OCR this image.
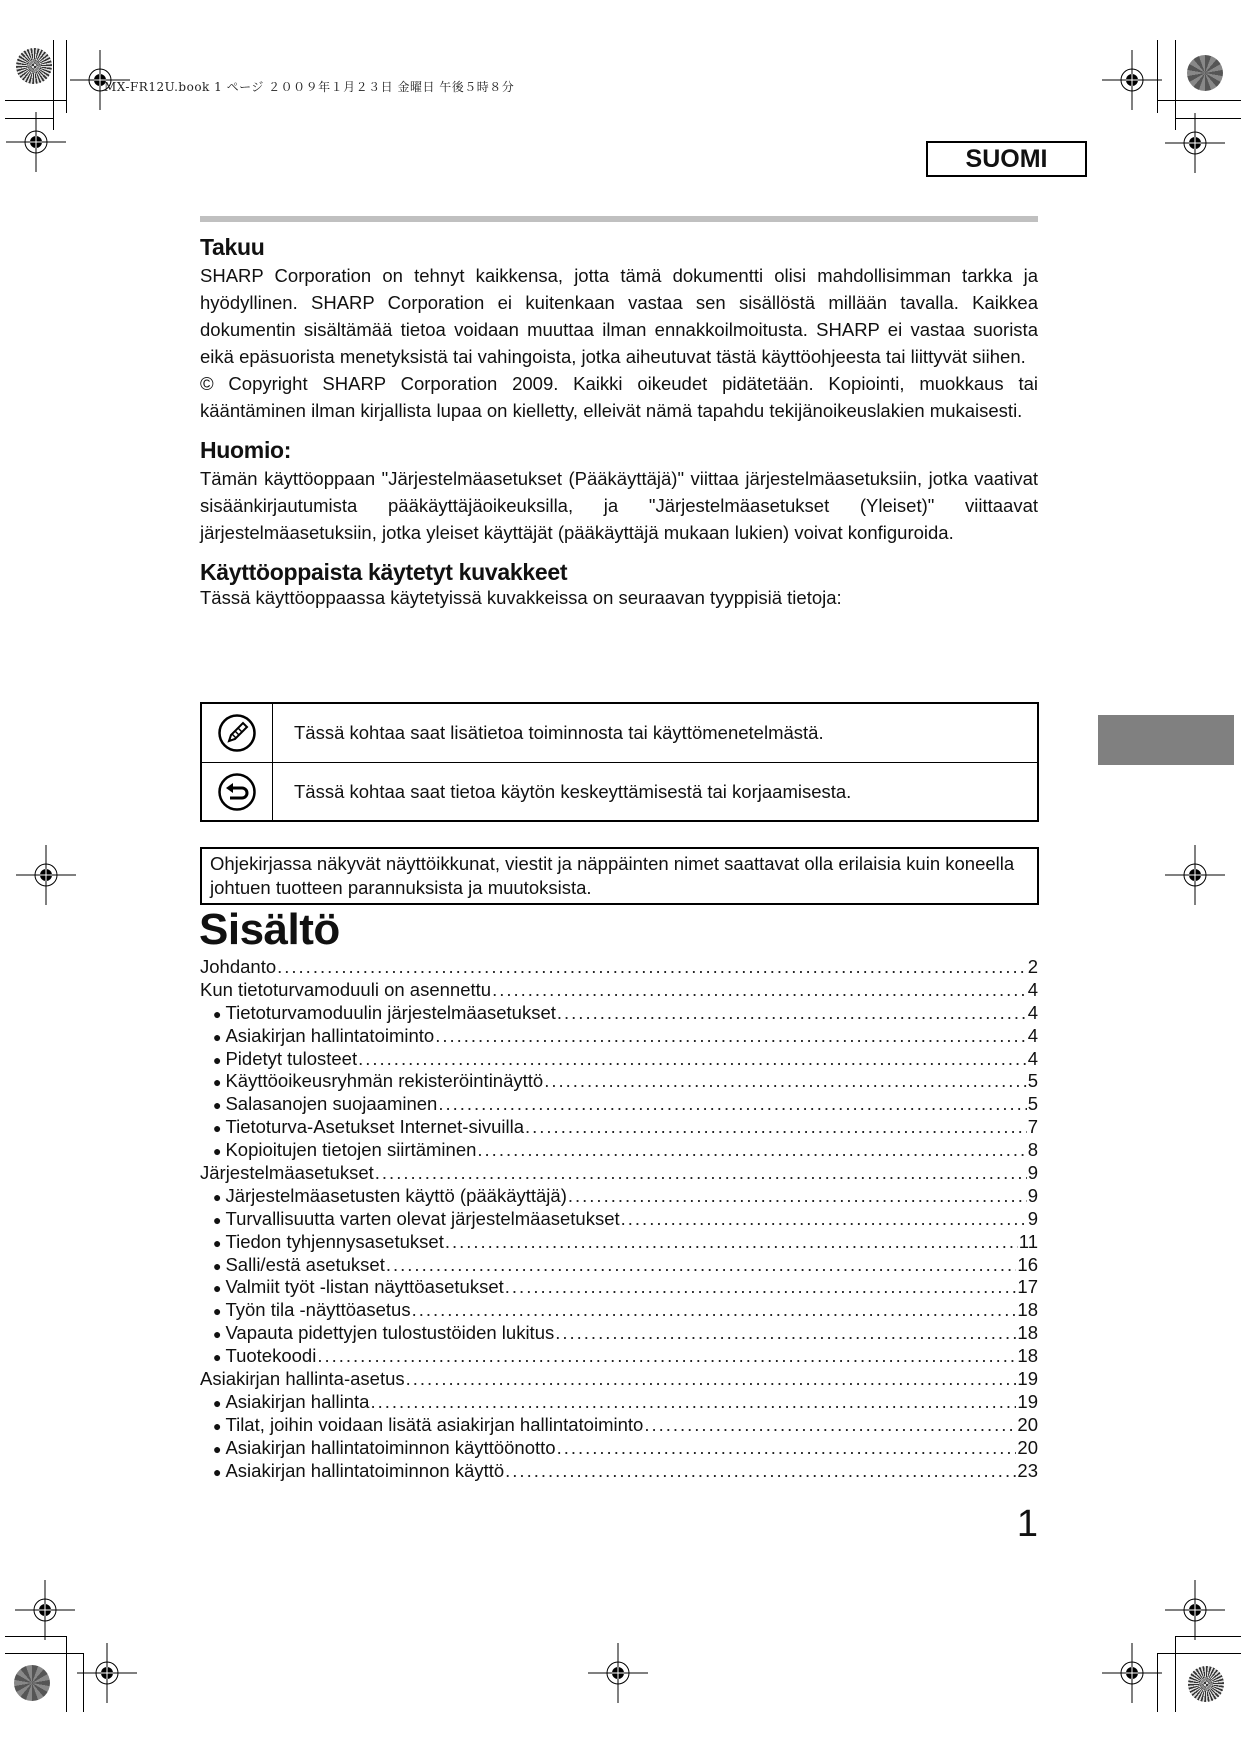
MX-FR12U.book 1 ページ ２００９年１月２３日 金曜日 午後５時８分
SUOMI
Takuu

SHARP Corporation on tehnyt kaikkensa, jotta tämä dokumentti olisi mahdollisimman tarkka ja hyödyllinen. SHARP Corporation ei kuitenkaan vastaa sen sisällöstä millään tavalla. Kaikkea dokumentin sisältämää tietoa voidaan muuttaa ilman ennakkoilmoitusta. SHARP ei vastaa suorista eikä epäsuorista menetyksistä tai vahingoista, jotka aiheutuvat tästä käyttöohjeesta tai liittyvät siihen.

© Copyright SHARP Corporation 2009. Kaikki oikeudet pidätetään. Kopiointi, muokkaus tai kääntäminen ilman kirjallista lupaa on kielletty, elleivät nämä tapahdu tekijänoikeuslakien mukaisesti.

Huomio:

Tämän käyttöoppaan "Järjestelmäasetukset (Pääkäyttäjä)" viittaa järjestelmäasetuksiin, jotka vaativat sisäänkirjautumista pääkäyttäjäoikeuksilla, ja "Järjestelmäasetukset (Yleiset)" viittaavat järjestelmäasetuksiin, jotka yleiset käyttäjät (pääkäyttäjä mukaan lukien) voivat konfiguroida.

Käyttöoppaista käytetyt kuvakkeet

Tässä käyttöoppaassa käytetyissä kuvakkeissa on seuraavan tyyppisiä tietoja:

Tässä kohtaa saat lisätietoa toiminnosta tai käyttömenetelmästä.
Tässä kohtaa saat tietoa käytön keskeyttämisestä tai korjaamisesta.
Ohjekirjassa näkyvät näyttöikkunat, viestit ja näppäinten nimet saattavat olla erilaisia kuin koneella johtuen tuotteen parannuksista ja muutoksista.
Sisältö
Johdanto .....	2
Kun tietoturvamoduuli on asennettu .....	4
● Tietoturvamoduulin järjestelmäasetukset .....	4
● Asiakirjan hallintatoiminto .....	4
● Pidetyt tulosteet .....	4
● Käyttöoikeusryhmän rekisteröintinäyttö .....	5
● Salasanojen suojaaminen .....	5
● Tietoturva-Asetukset Internet-sivuilla .....	7
● Kopioitujen tietojen siirtäminen .....	8
Järjestelmäasetukset .....	9
● Järjestelmäasetusten käyttö (pääkäyttäjä) .....	9
● Turvallisuutta varten olevat järjestelmäasetukset .....	9
● Tiedon tyhjennysasetukset .....	11
● Salli/estä asetukset .....	16
● Valmiit työt -listan näyttöasetukset .....	17
● Työn tila -näyttöasetus .....	18
● Vapauta pidettyjen tulostustöiden lukitus .....	18
● Tuotekoodi .....	18
Asiakirjan hallinta-asetus .....	19
● Asiakirjan hallinta .....	19
● Tilat, joihin voidaan lisätä asiakirjan hallintatoiminto .....	20
● Asiakirjan hallintatoiminnon käyttöönotto .....	20
● Asiakirjan hallintatoiminnon käyttö .....	23
1
